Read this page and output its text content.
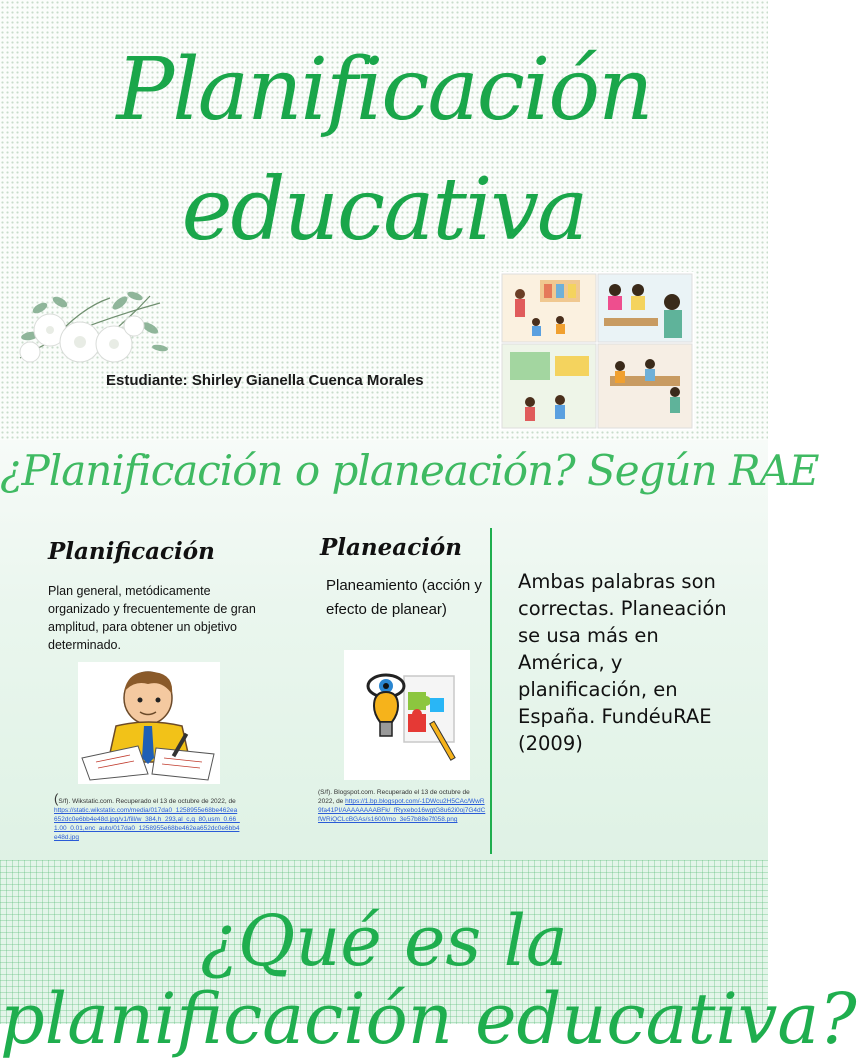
Planificación
educativa
Estudiante: Shirley Gianella Cuenca Morales
¿Planificación o planeación? Según RAE
Planificación
Plan general, metódicamente organizado y frecuentemente de gran amplitud, para obtener un objetivo determinado.
(S/f). Wikstatic.com. Recuperado el 13 de octubre de 2022, de
https://static.wikstatic.com/media/017da0_1258955e68be462ea652dc0e6bb4e48d.jpg/v1/fill/w_384,h_293,al_c,q_80,usm_0.66_1.00_0.01,enc_auto/017da0_1258955e68be462ea652dc0e6bb4e48d.jpg
Planeación
Planeamiento (acción y efecto de planear)
(S/f). Blogspot.com. Recuperado el 13 de octubre de 2022, de https://1.bp.blogspot.com/-1DWcu2H5CAc/WwR9fa41PI/AAAAAAAABFk/_fRyxebo16wgtG8u62i0oj7G4dCfWRiQCLcBGAs/s1600/mo_3e57b88e7f058.png
Ambas palabras son correctas. Planeación se usa más en América, y planificación, en España. FundéuRAE (2009)
¿Qué es la
planificación educativa?
